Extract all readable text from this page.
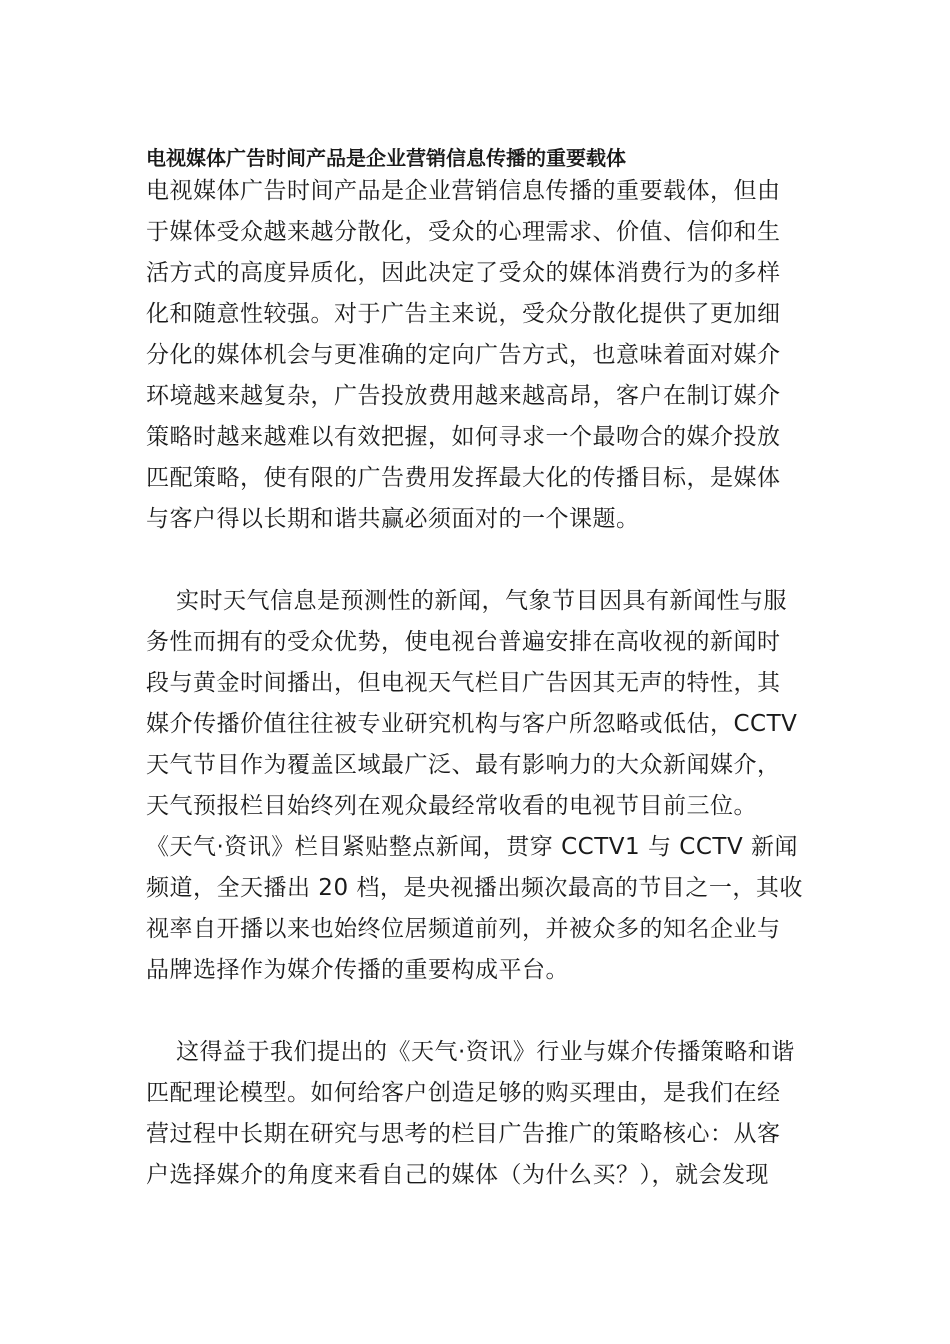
电视媒体广告时间产品是企业营销信息传播的重要载体

电视媒体广告时间产品是企业营销信息传播的重要载体，但由
于媒体受众越来越分散化，受众的心理需求、价值、信仰和生
活方式的高度异质化，因此决定了受众的媒体消费行为的多样
化和随意性较强。对于广告主来说，受众分散化提供了更加细
分化的媒体机会与更准确的定向广告方式，也意味着面对媒介
环境越来越复杂，广告投放费用越来越高昂，客户在制订媒介
策略时越来越难以有效把握，如何寻求一个最吻合的媒介投放
匹配策略，使有限的广告费用发挥最大化的传播目标，是媒体
与客户得以长期和谐共赢必须面对的一个课题。

实时天气信息是预测性的新闻，气象节目因具有新闻性与服
务性而拥有的受众优势，使电视台普遍安排在高收视的新闻时
段与黄金时间播出，但电视天气栏目广告因其无声的特性，其
媒介传播价值往往被专业研究机构与客户所忽略或低估，CCTV
天气节目作为覆盖区域最广泛、最有影响力的大众新闻媒介，
天气预报栏目始终列在观众最经常收看的电视节目前三位。
《天气·资讯》栏目紧贴整点新闻，贯穿 CCTV1 与 CCTV 新闻
频道，全天播出 20 档，是央视播出频次最高的节目之一，其收
视率自开播以来也始终位居频道前列，并被众多的知名企业与
品牌选择作为媒介传播的重要构成平台。

这得益于我们提出的《天气·资讯》行业与媒介传播策略和谐
匹配理论模型。如何给客户创造足够的购买理由，是我们在经
营过程中长期在研究与思考的栏目广告推广的策略核心：从客
户选择媒介的角度来看自己的媒体（为什么买？），就会发现
